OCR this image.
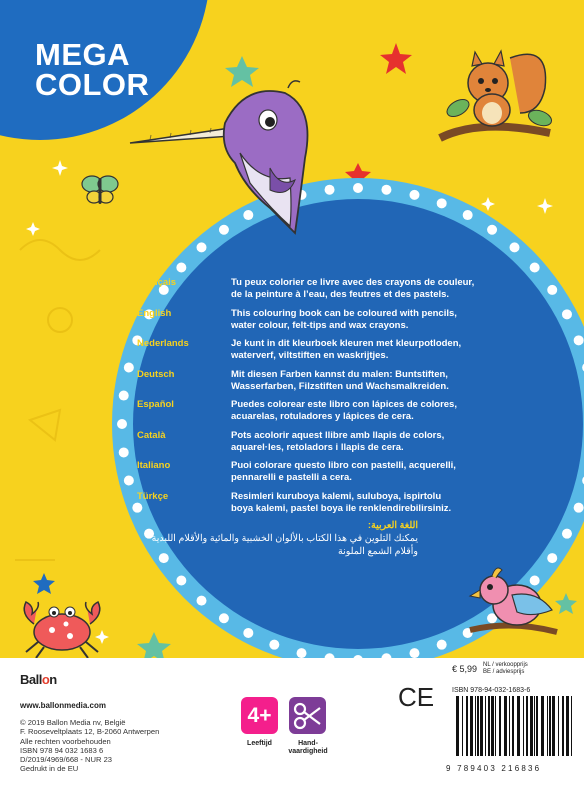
MEGA
COLOR
Français	Tu peux colorier ce livre avec des crayons de couleur,
de la peinture à l’eau, des feutres et des pastels.
English	This colouring book can be coloured with pencils,
water colour, felt-tips and wax crayons.
Nederlands	Je kunt in dit kleurboek kleuren met kleurpotloden,
waterverf, viltstiften en waskrijtjes.
Deutsch	Mit diesen Farben kannst du malen: Buntstiften,
Wasserfarben, Filzstiften und Wachsmalkreiden.
Español	Puedes colorear este libro con lápices de colores,
acuarelas, rotuladores y lápices de cera.
Català	Pots acolorir aquest llibre amb llapis de colors,
aquarel·les, retoladors i llapis de cera.
Italiano	Puoi colorare questo libro con pastelli, acquerelli,
pennarelli e pastelli a cera.
Türkçe	Resimleri kuruboya kalemi, suluboya, ispirtolu
boya kalemi, pastel boya ile renklendirebilirsiniz.
اللغة العربية:
يمكنك التلوين في هذا الكتاب بالألوان الخشبية والمائية والأقلام اللبدية وأقلام الشمع الملونة
Ballon
www.ballonmedia.com
© 2019 Ballon Media nv, België
F. Rooseveltplaats 12, B-2060 Antwerpen
Alle rechten voorbehouden
ISBN 978 94 032 1683 6
D/2019/4969/668 - NUR 23
Gedrukt in de EU
4+
Leeftijd	Hand-
vaardigheid
€ 5,99 NL / verkoopprijs
BE / adviesprijs
CE	ISBN 978-94-032-1683-6
9 789403 216836
